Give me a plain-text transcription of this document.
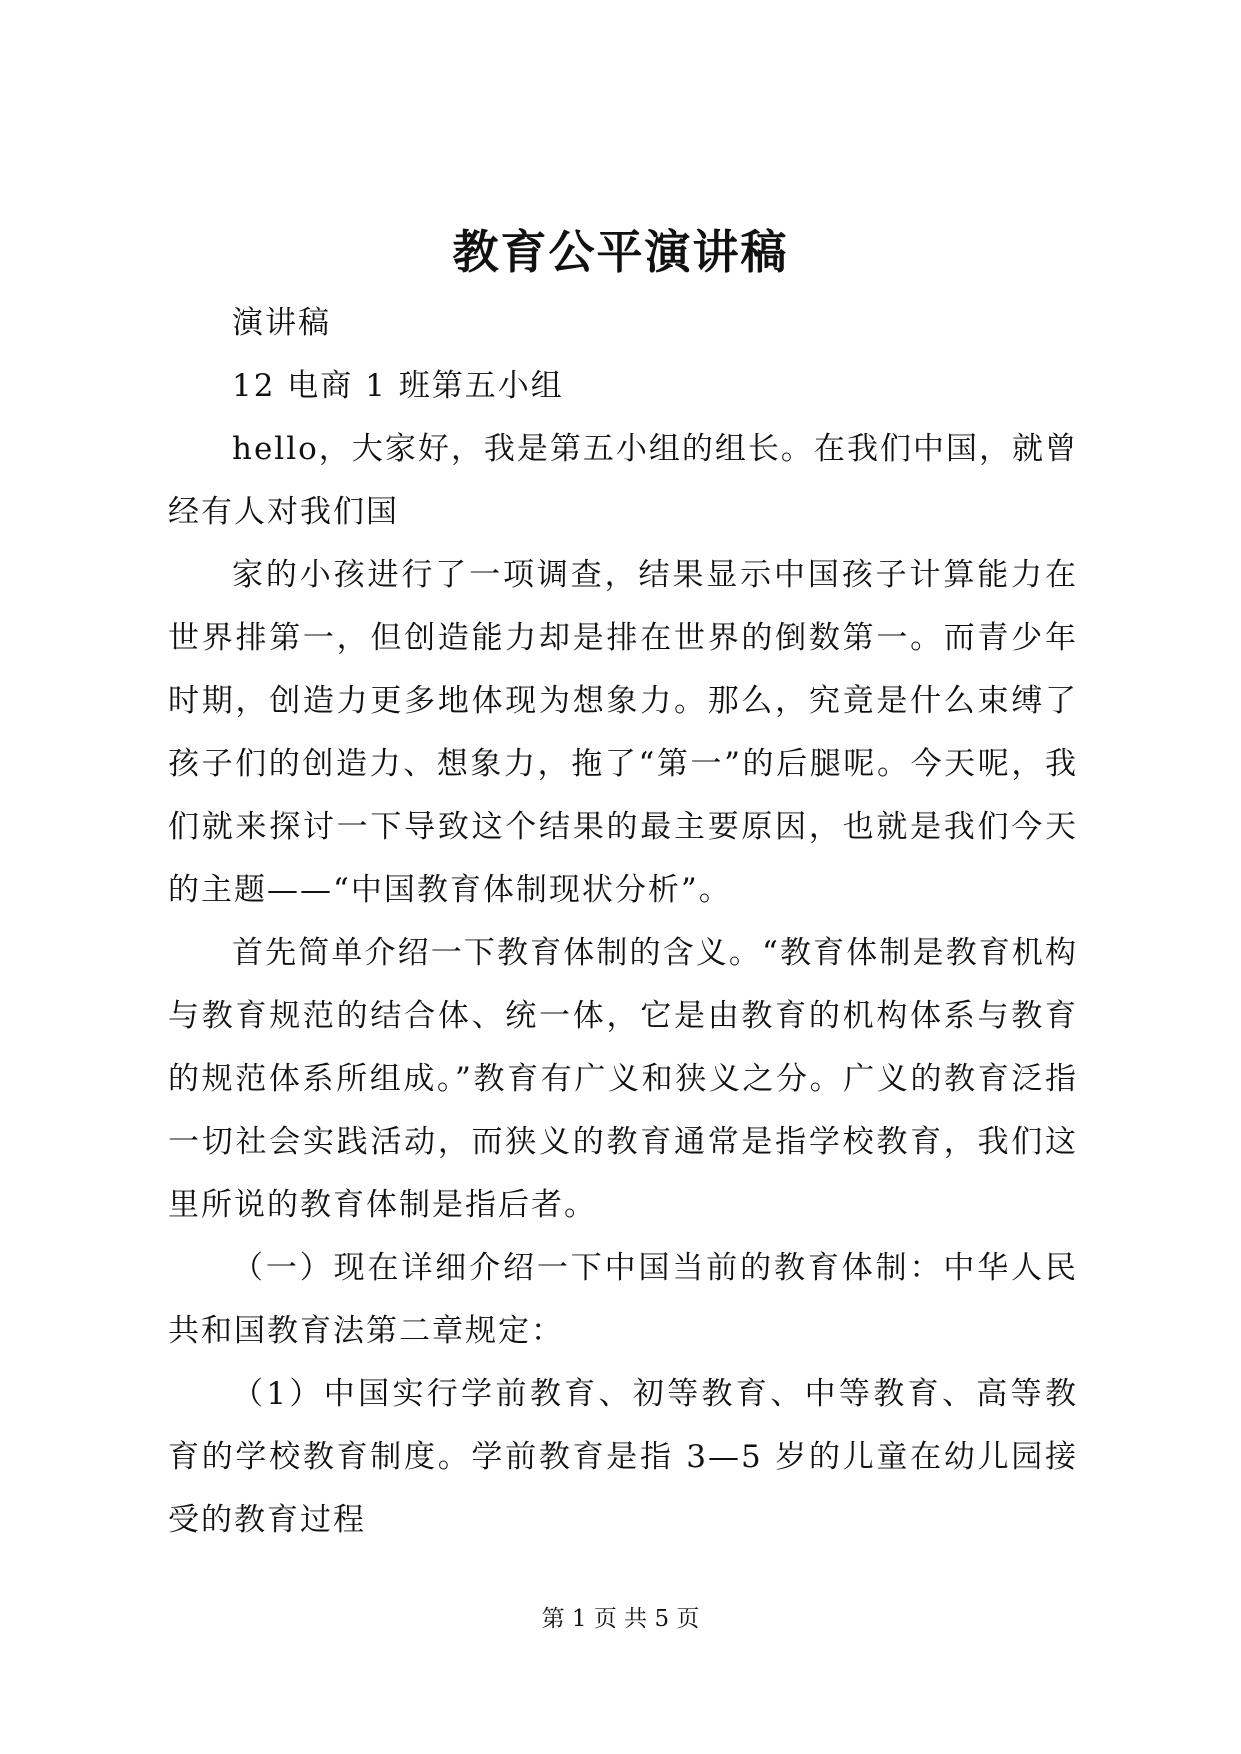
教育公平演讲稿

演讲稿

12 电商 1 班第五小组

hello，大家好，我是第五小组的组长。在我们中国，就曾经有人对我们国

家的小孩进行了一项调查，结果显示中国孩子计算能力在世界排第一，但创造能力却是排在世界的倒数第一。而青少年时期，创造力更多地体现为想象力。那么，究竟是什么束缚了孩子们的创造力、想象力，拖了“第一”的后腿呢。今天呢，我们就来探讨一下导致这个结果的最主要原因，也就是我们今天的主题——“中国教育体制现状分析”。

首先简单介绍一下教育体制的含义。“教育体制是教育机构与教育规范的结合体、统一体，它是由教育的机构体系与教育的规范体系所组成。”教育有广义和狭义之分。广义的教育泛指一切社会实践活动，而狭义的教育通常是指学校教育，我们这里所说的教育体制是指后者。

（一）现在详细介绍一下中国当前的教育体制：中华人民共和国教育法第二章规定：

（1）中国实行学前教育、初等教育、中等教育、高等教育的学校教育制度。学前教育是指 3—5 岁的儿童在幼儿园接受的教育过程

第 1 页 共 5 页
